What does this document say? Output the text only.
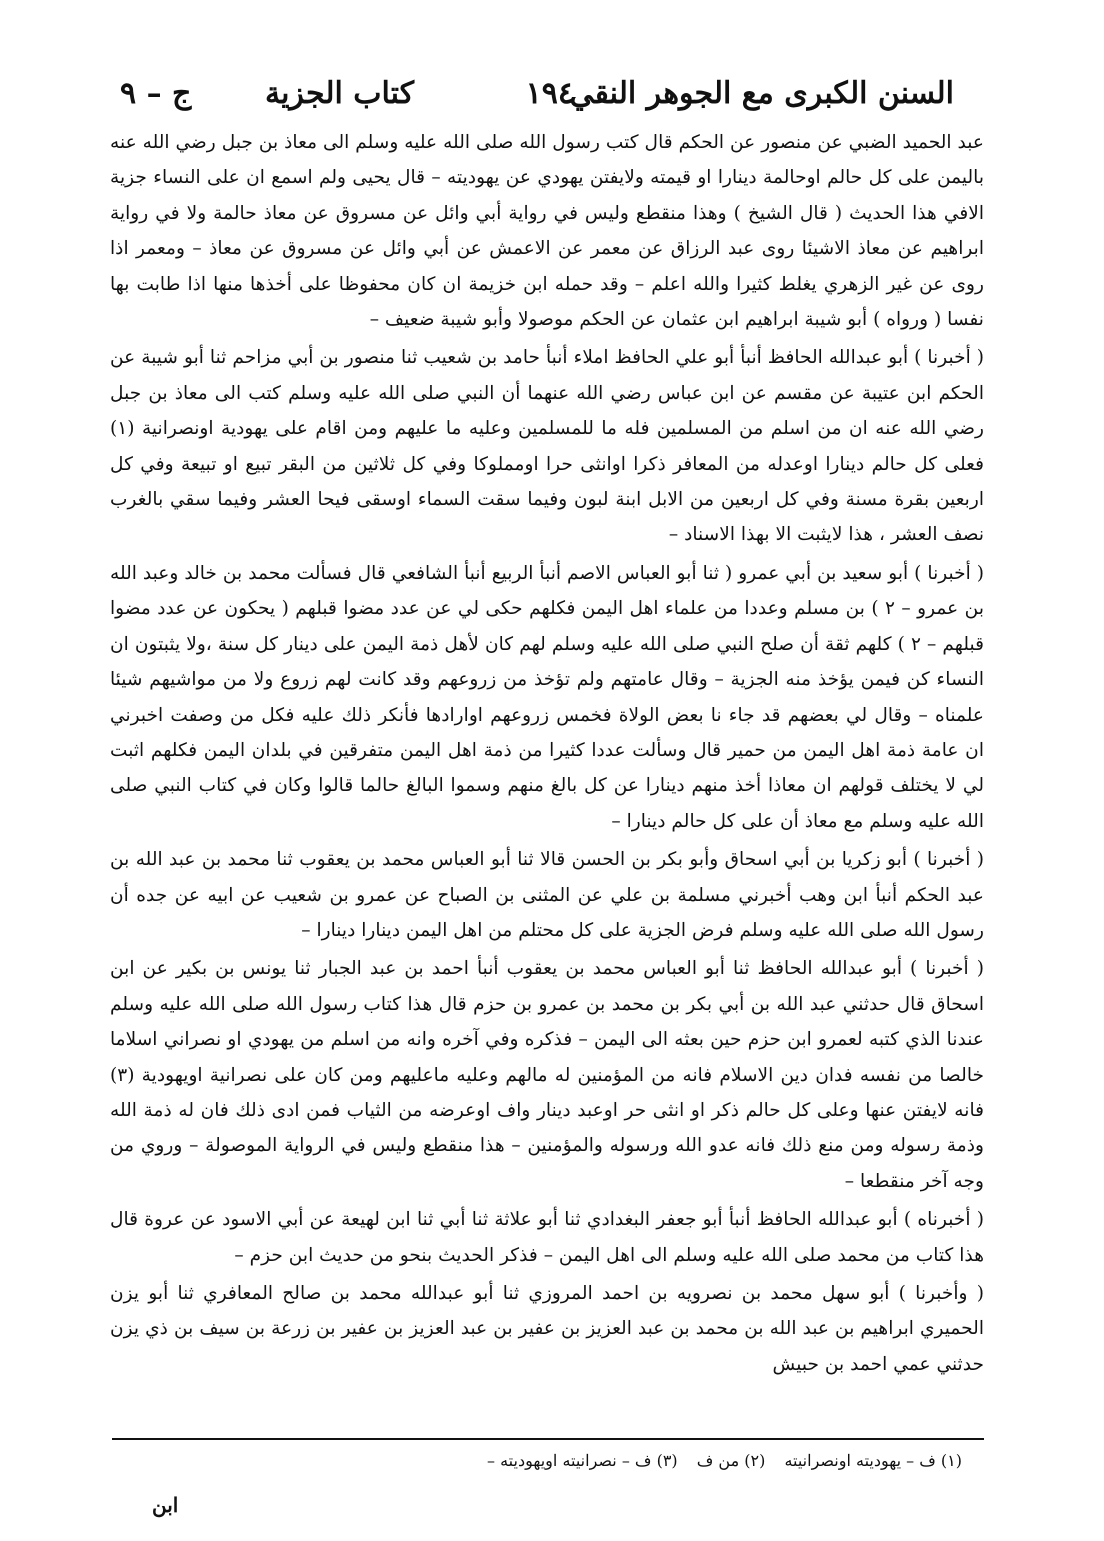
السنن الكبرى مع الجوهر النقي
١٩٤
كتاب الجزية
ج – ٩

عبد الحميد الضبي عن منصور عن الحكم قال كتب رسول الله صلى الله عليه وسلم الى معاذ بن جبل رضي الله عنه باليمن على كل حالم اوحالمة دينارا او قيمته ولايفتن يهودي عن يهوديته – قال يحيى ولم اسمع ان على النساء جزية الافي هذا الحديث ( قال الشيخ ) وهذا منقطع وليس في رواية أبي وائل عن مسروق عن معاذ حالمة ولا في رواية ابراهيم عن معاذ الاشيئا روى عبد الرزاق عن معمر عن الاعمش عن أبي وائل عن مسروق عن معاذ – ومعمر اذا روى عن غير الزهري يغلط كثيرا والله اعلم – وقد حمله ابن خزيمة ان كان محفوظا على أخذها منها اذا طابت بها نفسا ( ورواه ) أبو شيبة ابراهيم ابن عثمان عن الحكم موصولا وأبو شيبة ضعيف –

( أخبرنا ) أبو عبدالله الحافظ أنبأ أبو علي الحافظ املاء أنبأ حامد بن شعيب ثنا منصور بن أبي مزاحم ثنا أبو شيبة عن الحكم ابن عتيبة عن مقسم عن ابن عباس رضي الله عنهما أن النبي صلى الله عليه وسلم كتب الى معاذ بن جبل رضي الله عنه ان من اسلم من المسلمين فله ما للمسلمين وعليه ما عليهم ومن اقام على يهودية اونصرانية (١) فعلى كل حالم دينارا اوعدله من المعافر ذكرا اوانثى حرا اومملوكا وفي كل ثلاثين من البقر تبيع او تبيعة وفي كل اربعين بقرة مسنة وفي كل اربعين من الابل ابنة لبون وفيما سقت السماء اوسقى فيحا العشر وفيما سقي بالغرب نصف العشر ، هذا لايثبت الا بهذا الاسناد –

( أخبرنا ) أبو سعيد بن أبي عمرو ( ثنا أبو العباس الاصم أنبأ الربيع أنبأ الشافعي قال فسألت محمد بن خالد وعبد الله بن عمرو – ٢ ) بن مسلم وعددا من علماء اهل اليمن فكلهم حكى لي عن عدد مضوا قبلهم ( يحكون عن عدد مضوا قبلهم – ٢ ) كلهم ثقة أن صلح النبي صلى الله عليه وسلم لهم كان لأهل ذمة اليمن على دينار كل سنة ،ولا يثبتون ان النساء كن فيمن يؤخذ منه الجزية – وقال عامتهم ولم تؤخذ من زروعهم وقد كانت لهم زروع ولا من مواشيهم شيئا علمناه – وقال لي بعضهم قد جاء نا بعض الولاة فخمس زروعهم اوارادها فأنكر ذلك عليه فكل من وصفت اخبرني ان عامة ذمة اهل اليمن من حمير قال وسألت عددا كثيرا من ذمة اهل اليمن متفرقين في بلدان اليمن فكلهم اثبت لي لا يختلف قولهم ان معاذا أخذ منهم دينارا عن كل بالغ منهم وسموا البالغ حالما قالوا وكان في كتاب النبي صلى الله عليه وسلم مع معاذ أن على كل حالم دينارا –

( أخبرنا ) أبو زكريا بن أبي اسحاق وأبو بكر بن الحسن قالا ثنا أبو العباس محمد بن يعقوب ثنا محمد بن عبد الله بن عبد الحكم أنبأ ابن وهب أخبرني مسلمة بن علي عن المثنى بن الصباح عن عمرو بن شعيب عن ابيه عن جده أن رسول الله صلى الله عليه وسلم فرض الجزية على كل محتلم من اهل اليمن دينارا دينارا –

( أخبرنا ) أبو عبدالله الحافظ ثنا أبو العباس محمد بن يعقوب أنبأ احمد بن عبد الجبار ثنا يونس بن بكير عن ابن اسحاق قال حدثني عبد الله بن أبي بكر بن محمد بن عمرو بن حزم قال هذا كتاب رسول الله صلى الله عليه وسلم عندنا الذي كتبه لعمرو ابن حزم حين بعثه الى اليمن – فذكره وفي آخره وانه من اسلم من يهودي او نصراني اسلاما خالصا من نفسه فدان دين الاسلام فانه من المؤمنين له مالهم وعليه ماعليهم ومن كان على نصرانية اويهودية (٣) فانه لايفتن عنها وعلى كل حالم ذكر او انثى حر اوعبد دينار واف اوعرضه من الثياب فمن ادى ذلك فان له ذمة الله وذمة رسوله ومن منع ذلك فانه عدو الله ورسوله والمؤمنين – هذا منقطع وليس في الرواية الموصولة – وروي من وجه آخر منقطعا –

( أخبرناه ) أبو عبدالله الحافظ أنبأ أبو جعفر البغدادي ثنا أبو علاثة ثنا أبي ثنا ابن لهيعة عن أبي الاسود عن عروة قال هذا كتاب من محمد صلى الله عليه وسلم الى اهل اليمن – فذكر الحديث بنحو من حديث ابن حزم –

( وأخبرنا ) أبو سهل محمد بن نصرويه بن احمد المروزي ثنا أبو عبدالله محمد بن صالح المعافري ثنا أبو يزن الحميري ابراهيم بن عبد الله بن محمد بن عبد العزيز بن عفير بن عبد العزيز بن عفير بن زرعة بن سيف بن ذي يزن حدثني عمي احمد بن حبيش

(١) ف – يهوديته اونصرانيته (٢) من ف (٣) ف – نصرانيته اويهوديته –
ابن
